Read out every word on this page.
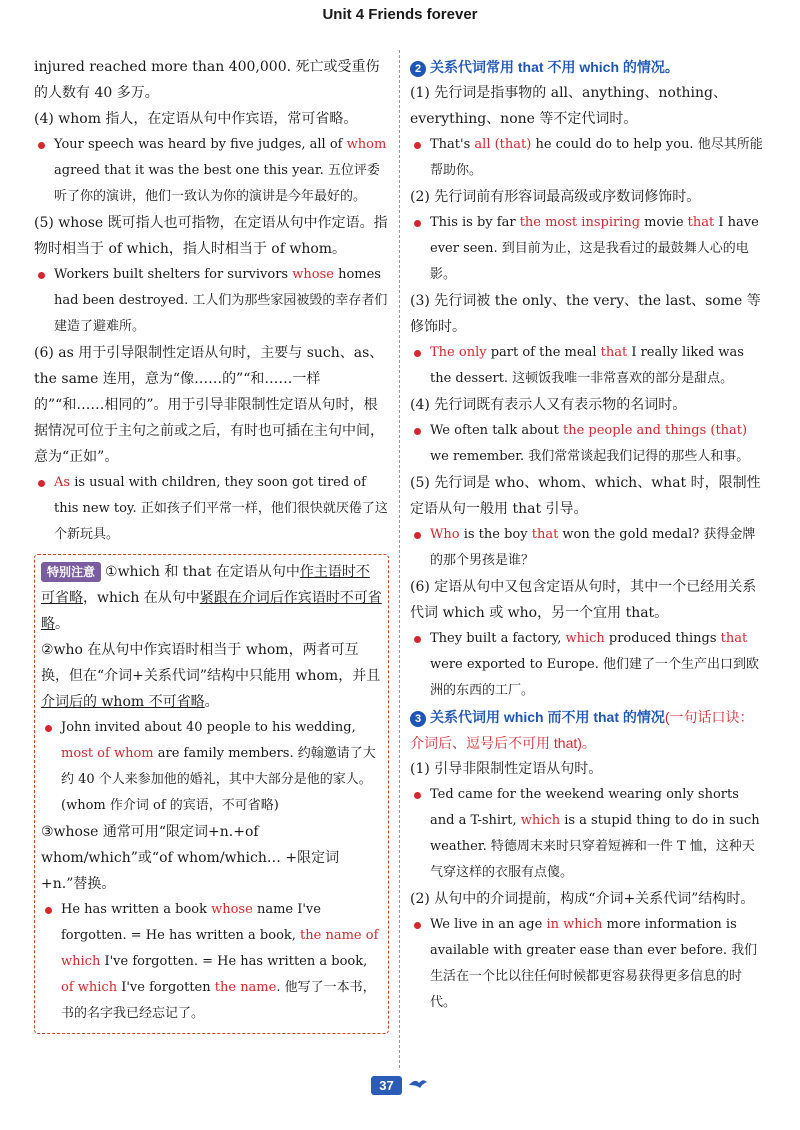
Unit 4 Friends forever

injured reached more than 400,000. 死亡或受重伤的人数有 40 多万。

(4) whom 指人，在定语从句中作宾语，常可省略。

Your speech was heard by five judges, all of whom agreed that it was the best one this year. 五位评委听了你的演讲，他们一致认为你的演讲是今年最好的。

(5) whose 既可指人也可指物，在定语从句中作定语。指物时相当于 of which，指人时相当于 of whom。

Workers built shelters for survivors whose homes had been destroyed. 工人们为那些家园被毁的幸存者们建造了避难所。

(6) as 用于引导限制性定语从句时，主要与 such、as、the same 连用，意为“像……的”“和……一样的”“和……相同的”。用于引导非限制性定语从句时，根据情况可位于主句之前或之后，有时也可插在主句中间，意为“正如”。

As is usual with children, they soon got tired of this new toy. 正如孩子们平常一样，他们很快就厌倦了这个新玩具。

特别注意 ①which 和 that 在定语从句中作主语时不可省略，which 在从句中紧跟在介词后作宾语时不可省略。

②who 在从句中作宾语时相当于 whom，两者可互换，但在“介词+关系代词”结构中只能用 whom，并且介词后的 whom 不可省略。

John invited about 40 people to his wedding, most of whom are family members. 约翰邀请了大约 40 个人来参加他的婚礼，其中大部分是他的家人。(whom 作介词 of 的宾语，不可省略)

③whose 通常可用“限定词+n.+of whom/which”或“of whom/which… +限定词+n.”替换。

He has written a book whose name I've forgotten. = He has written a book, the name of which I've forgotten. = He has written a book, of which I've forgotten the name. 他写了一本书，书的名字我已经忘记了。

2 关系代词常用 that 不用 which 的情况。

(1) 先行词是指事物的 all、anything、nothing、everything、none 等不定代词时。

That's all (that) he could do to help you. 他尽其所能帮助你。

(2) 先行词前有形容词最高级或序数词修饰时。

This is by far the most inspiring movie that I have ever seen. 到目前为止，这是我看过的最鼓舞人心的电影。

(3) 先行词被 the only、the very、the last、some 等修饰时。

The only part of the meal that I really liked was the dessert. 这顿饭我唯一非常喜欢的部分是甜点。

(4) 先行词既有表示人又有表示物的名词时。

We often talk about the people and things (that) we remember. 我们常常谈起我们记得的那些人和事。

(5) 先行词是 who、whom、which、what 时，限制性定语从句一般用 that 引导。

Who is the boy that won the gold medal? 获得金牌的那个男孩是谁？

(6) 定语从句中又包含定语从句时，其中一个已经用关系代词 which 或 who，另一个宜用 that。

They built a factory, which produced things that were exported to Europe. 他们建了一个生产出口到欧洲的东西的工厂。

3 关系代词用 which 而不用 that 的情况(一句话口诀：介词后、逗号后不可用 that)。

(1) 引导非限制性定语从句时。

Ted came for the weekend wearing only shorts and a T-shirt, which is a stupid thing to do in such weather. 特德周末来时只穿着短裤和一件 T 恤，这种天气穿这样的衣服有点傻。

(2) 从句中的介词提前，构成“介词+关系代词”结构时。

We live in an age in which more information is available with greater ease than ever before. 我们生活在一个比以往任何时候都更容易获得更多信息的时代。

37
